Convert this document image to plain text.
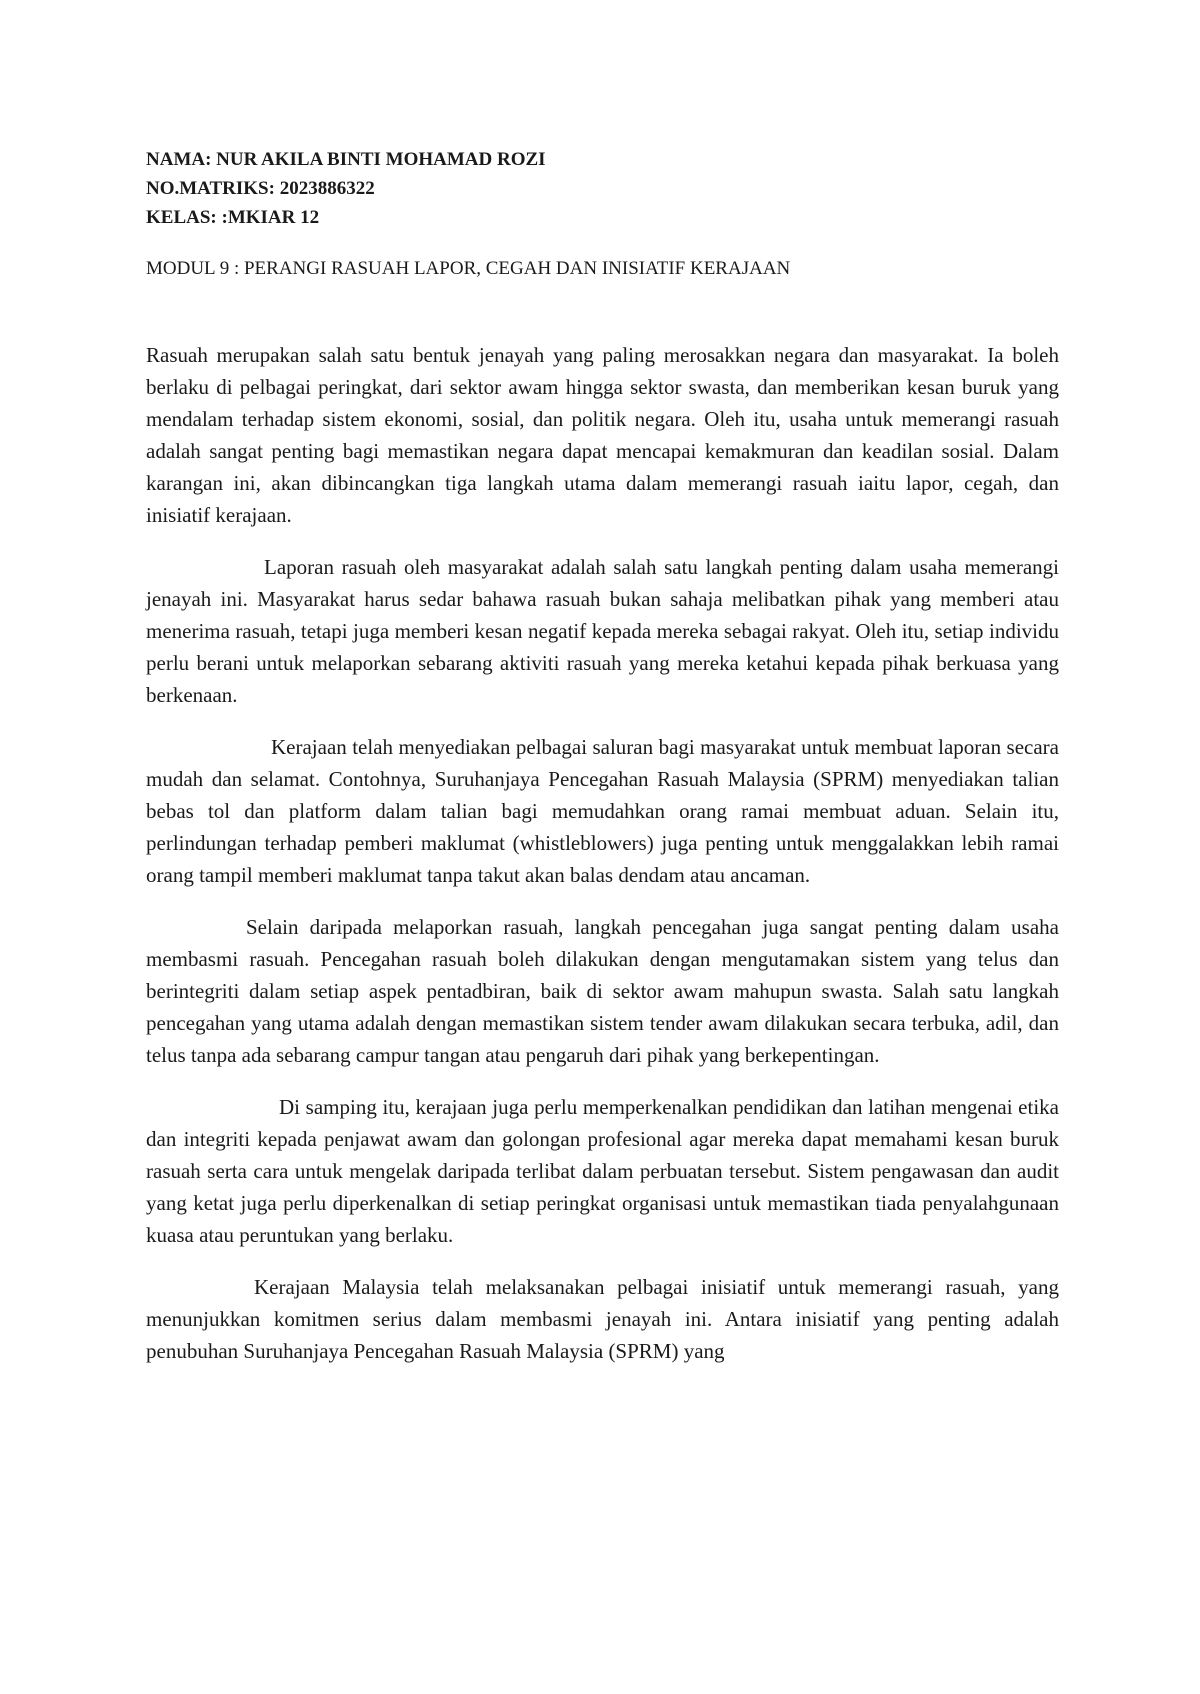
NAMA: NUR AKILA BINTI MOHAMAD ROZI

NO.MATRIKS: 2023886322

KELAS: :MKIAR 12

MODUL 9 : PERANGI RASUAH LAPOR, CEGAH DAN INISIATIF KERAJAAN

Rasuah merupakan salah satu bentuk jenayah yang paling merosakkan negara dan masyarakat. Ia boleh berlaku di pelbagai peringkat, dari sektor awam hingga sektor swasta, dan memberikan kesan buruk yang mendalam terhadap sistem ekonomi, sosial, dan politik negara. Oleh itu, usaha untuk memerangi rasuah adalah sangat penting bagi memastikan negara dapat mencapai kemakmuran dan keadilan sosial. Dalam karangan ini, akan dibincangkan tiga langkah utama dalam memerangi rasuah iaitu lapor, cegah, dan inisiatif kerajaan.

Laporan rasuah oleh masyarakat adalah salah satu langkah penting dalam usaha memerangi jenayah ini. Masyarakat harus sedar bahawa rasuah bukan sahaja melibatkan pihak yang memberi atau menerima rasuah, tetapi juga memberi kesan negatif kepada mereka sebagai rakyat. Oleh itu, setiap individu perlu berani untuk melaporkan sebarang aktiviti rasuah yang mereka ketahui kepada pihak berkuasa yang berkenaan.

Kerajaan telah menyediakan pelbagai saluran bagi masyarakat untuk membuat laporan secara mudah dan selamat. Contohnya, Suruhanjaya Pencegahan Rasuah Malaysia (SPRM) menyediakan talian bebas tol dan platform dalam talian bagi memudahkan orang ramai membuat aduan. Selain itu, perlindungan terhadap pemberi maklumat (whistleblowers) juga penting untuk menggalakkan lebih ramai orang tampil memberi maklumat tanpa takut akan balas dendam atau ancaman.

Selain daripada melaporkan rasuah, langkah pencegahan juga sangat penting dalam usaha membasmi rasuah. Pencegahan rasuah boleh dilakukan dengan mengutamakan sistem yang telus dan berintegriti dalam setiap aspek pentadbiran, baik di sektor awam mahupun swasta. Salah satu langkah pencegahan yang utama adalah dengan memastikan sistem tender awam dilakukan secara terbuka, adil, dan telus tanpa ada sebarang campur tangan atau pengaruh dari pihak yang berkepentingan.

Di samping itu, kerajaan juga perlu memperkenalkan pendidikan dan latihan mengenai etika dan integriti kepada penjawat awam dan golongan profesional agar mereka dapat memahami kesan buruk rasuah serta cara untuk mengelak daripada terlibat dalam perbuatan tersebut. Sistem pengawasan dan audit yang ketat juga perlu diperkenalkan di setiap peringkat organisasi untuk memastikan tiada penyalahgunaan kuasa atau peruntukan yang berlaku.

Kerajaan Malaysia telah melaksanakan pelbagai inisiatif untuk memerangi rasuah, yang menunjukkan komitmen serius dalam membasmi jenayah ini. Antara inisiatif yang penting adalah penubuhan Suruhanjaya Pencegahan Rasuah Malaysia (SPRM) yang
